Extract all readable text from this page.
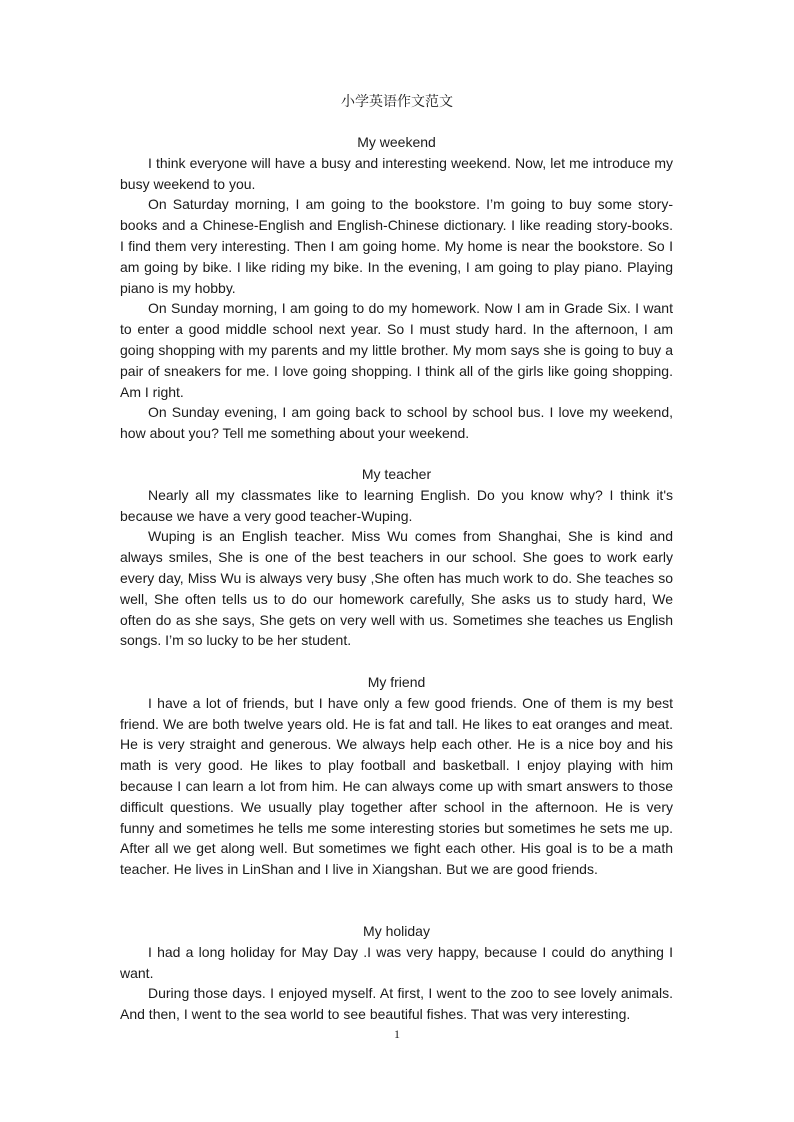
小学英语作文范文

My weekend

I think everyone will have a busy and interesting weekend. Now, let me introduce my busy weekend to you.

On Saturday morning, I am going to the bookstore. I’m going to buy some story-books and a Chinese-English and English-Chinese dictionary. I like reading story-books. I find them very interesting. Then I am going home. My home is near the bookstore. So I am going by bike. I like riding my bike. In the evening, I am going to play piano. Playing piano is my hobby.

On Sunday morning, I am going to do my homework. Now I am in Grade Six. I want to enter a good middle school next year. So I must study hard. In the afternoon, I am going shopping with my parents and my little brother. My mom says she is going to buy a pair of sneakers for me. I love going shopping. I think all of the girls like going shopping. Am I right.

On Sunday evening, I am going back to school by school bus. I love my weekend, how about you? Tell me something about your weekend.

My teacher

Nearly all my classmates like to learning English. Do you know why? I think it's because we have a very good teacher-Wuping.

Wuping is an English teacher. Miss Wu comes from Shanghai, She is kind and always smiles, She is one of the best teachers in our school. She goes to work early every day, Miss Wu is always very busy ,She often has much work to do. She teaches so well, She often tells us to do our homework carefully, She asks us to study hard, We often do as she says, She gets on very well with us. Sometimes she teaches us English songs. I’m so lucky to be her student.

My friend

I have a lot of friends, but I have only a few good friends. One of them is my best friend. We are both twelve years old. He is fat and tall. He likes to eat oranges and meat. He is very straight and generous. We always help each other. He is a nice boy and his math is very good. He likes to play football and basketball. I enjoy playing with him because I can learn a lot from him. He can always come up with smart answers to those difficult questions. We usually play together after school in the afternoon. He is very funny and sometimes he tells me some interesting stories but sometimes he sets me up. After all we get along well. But sometimes we fight each other. His goal is to be a math teacher. He lives in LinShan and I live in Xiangshan. But we are good friends.

My holiday

I had a long holiday for May Day .I was very happy, because I could do anything I want.

During those days. I enjoyed myself. At first, I went to the zoo to see lovely animals. And then, I went to the sea world to see beautiful fishes. That was very interesting.

1
